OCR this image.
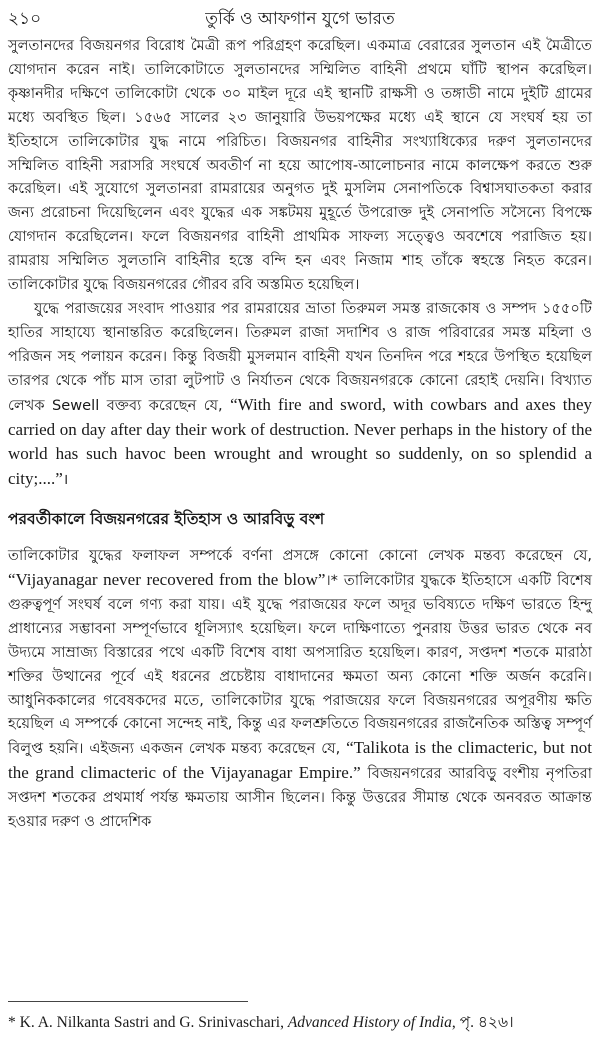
২১০	তুর্কি ও আফগান যুগে ভারত

সুলতানদের বিজয়নগর বিরোধ মৈত্রী রূপ পরিগ্রহণ করেছিল। একমাত্র বেরারের সুলতান এই মৈত্রীতে যোগদান করেন নাই। তালিকোটাতে সুলতানদের সম্মিলিত বাহিনী প্রথমে ঘাঁটি স্থাপন করেছিল। কৃষ্ণানদীর দক্ষিণে তালিকোটা থেকে ৩০ মাইল দূরে এই স্থানটি রাক্ষসী ও তঙ্গাডী নামে দুইটি গ্রামের মধ্যে অবস্থিত ছিল। ১৫৬৫ সালের ২৩ জানুয়ারি উভয়পক্ষের মধ্যে এই স্থানে যে সংঘর্ষ হয় তা ইতিহাসে তালিকোটার যুদ্ধ নামে পরিচিত। বিজয়নগর বাহিনীর সংখ্যাধিক্যের দরুণ সুলতানদের সম্মিলিত বাহিনী সরাসরি সংঘর্ষে অবতীর্ণ না হয়ে আপোষ-আলোচনার নামে কালক্ষেপ করতে শুরু করেছিল। এই সুযোগে সুলতানরা রামরায়ের অনুগত দুই মুসলিম সেনাপতিকে বিশ্বাসঘাতকতা করার জন্য প্ররোচনা দিয়েছিলেন এবং যুদ্ধের এক সঙ্কটময় মুহূর্তে উপরোক্ত দুই সেনাপতি সসৈন্যে বিপক্ষে যোগদান করেছিলেন। ফলে বিজয়নগর বাহিনী প্রাথমিক সাফল্য সত্ত্বেও অবশেষে পরাজিত হয়। রামরায় সম্মিলিত সুলতানি বাহিনীর হস্তে বন্দি হন এবং নিজাম শাহ তাঁকে স্বহস্তে নিহত করেন। তালিকোটার যুদ্ধে বিজয়নগরের গৌরব রবি অস্তমিত হয়েছিল।

যুদ্ধে পরাজয়ের সংবাদ পাওয়ার পর রামরায়ের ভ্রাতা তিরুমল সমস্ত রাজকোষ ও সম্পদ ১৫৫০টি হাতির সাহায্যে স্থানান্তরিত করেছিলেন। তিরুমল রাজা সদাশিব ও রাজ পরিবারের সমস্ত মহিলা ও পরিজন সহ পলায়ন করেন। কিন্তু বিজয়ী মুসলমান বাহিনী যখন তিনদিন পরে শহরে উপস্থিত হয়েছিল তারপর থেকে পাঁচ মাস তারা লুটপাট ও নির্যাতন থেকে বিজয়নগরকে কোনো রেহাই দেয়নি। বিখ্যাত লেখক Sewell বক্তব্য করেছেন যে, “With fire and sword, with cowbars and axes they carried on day after day their work of destruction. Never perhaps in the history of the world has such havoc been wrought and wrought so suddenly, on so splendid a city;....”।

পরবর্তীকালে বিজয়নগরের ইতিহাস ও আরবিড়ু বংশ

তালিকোটার যুদ্ধের ফলাফল সম্পর্কে বর্ণনা প্রসঙ্গে কোনো কোনো লেখক মন্তব্য করেছেন যে, “Vijayanagar never recovered from the blow”।* তালিকোটার যুদ্ধকে ইতিহাসে একটি বিশেষ গুরুত্বপূর্ণ সংঘর্ষ বলে গণ্য করা যায়। এই যুদ্ধে পরাজয়ের ফলে অদূর ভবিষ্যতে দক্ষিণ ভারতে হিন্দু প্রাধান্যের সম্ভাবনা সম্পূর্ণভাবে ধূলিস্যাৎ হয়েছিল। ফলে দাক্ষিণাত্যে পুনরায় উত্তর ভারত থেকে নব উদ্যমে সাম্রাজ্য বিস্তারের পথে একটি বিশেষ বাধা অপসারিত হয়েছিল। কারণ, সপ্তদশ শতকে মারাঠা শক্তির উত্থানের পূর্বে এই ধরনের প্রচেষ্টায় বাধাদানের ক্ষমতা অন্য কোনো শক্তি অর্জন করেনি। আধুনিককালের গবেষকদের মতে, তালিকোটার যুদ্ধে পরাজয়ের ফলে বিজয়নগরের অপূরণীয় ক্ষতি হয়েছিল এ সম্পর্কে কোনো সন্দেহ নাই, কিন্তু এর ফলশ্রুতিতে বিজয়নগরের রাজনৈতিক অস্তিত্ব সম্পূর্ণ বিলুপ্ত হয়নি। এইজন্য একজন লেখক মন্তব্য করেছেন যে, “Talikota is the climacteric, but not the grand climacteric of the Vijayanagar Empire.” বিজয়নগরের আরবিড়ু বংশীয় নৃপতিরা সপ্তদশ শতকের প্রথমার্ধ পর্যন্ত ক্ষমতায় আসীন ছিলেন। কিন্তু উত্তরের সীমান্ত থেকে অনবরত আক্রান্ত হওয়ার দরুণ ও প্রাদেশিক

* K. A. Nilkanta Sastri and G. Srinivaschari, Advanced History of India, পৃ. ৪২৬।
